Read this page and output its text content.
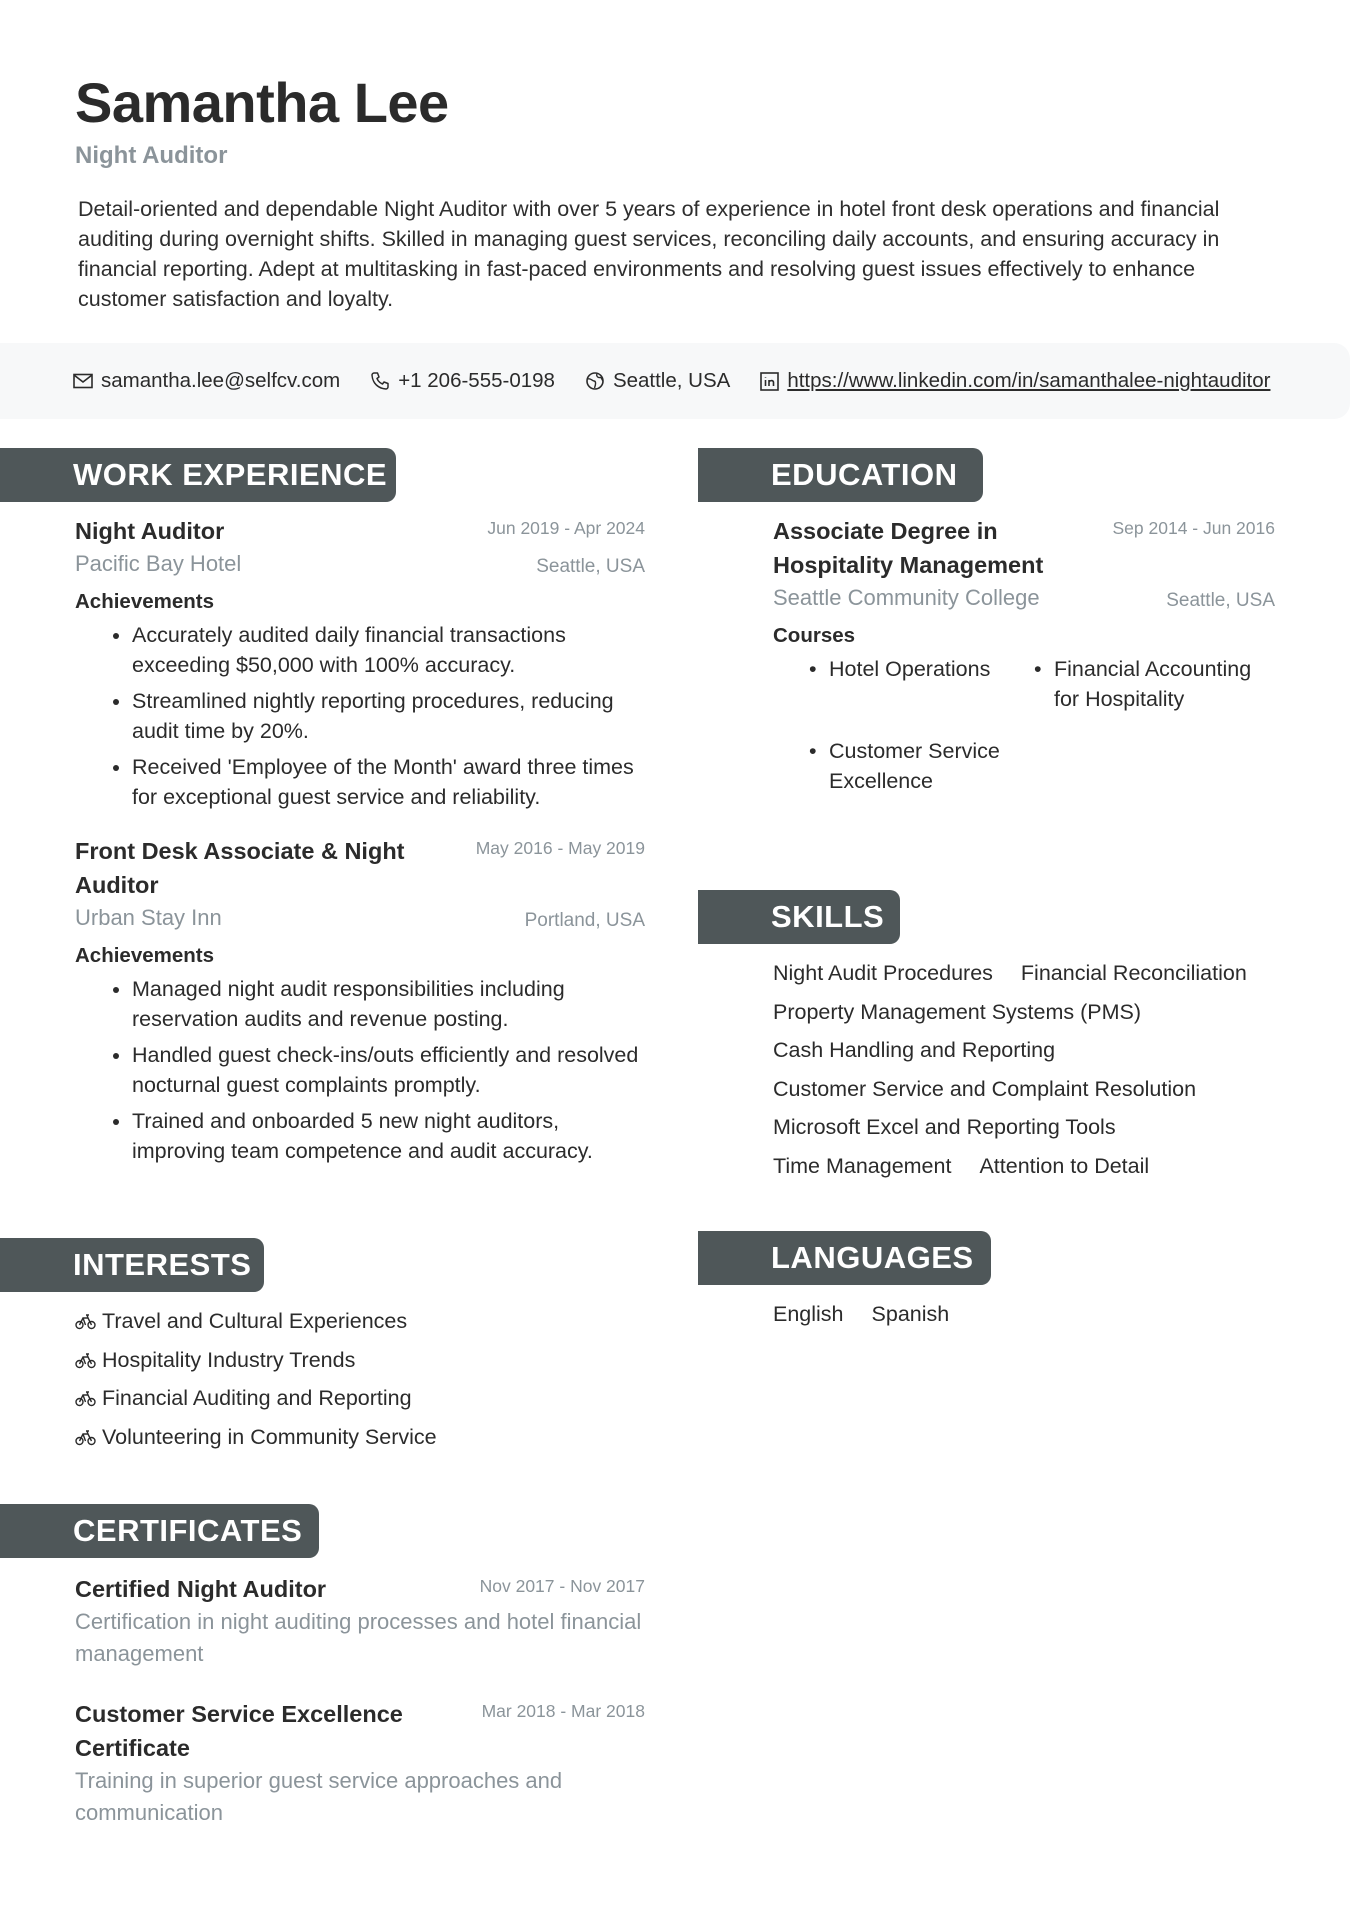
Samantha Lee
Night Auditor
Detail-oriented and dependable Night Auditor with over 5 years of experience in hotel front desk operations and financial auditing during overnight shifts. Skilled in managing guest services, reconciling daily accounts, and ensuring accuracy in financial reporting. Adept at multitasking in fast-paced environments and resolving guest issues effectively to enhance customer satisfaction and loyalty.
samantha.lee@selfcv.com	+1 206-555-0198	Seattle, USA	https://www.linkedin.com/in/samanthalee-nightauditor
WORK EXPERIENCE
Night Auditor	Jun 2019 - Apr 2024
Pacific Bay Hotel	Seattle, USA
Achievements
• Accurately audited daily financial transactions exceeding $50,000 with 100% accuracy.
• Streamlined nightly reporting procedures, reducing audit time by 20%.
• Received 'Employee of the Month' award three times for exceptional guest service and reliability.
Front Desk Associate & Night Auditor
May 2016 - May 2019
Urban Stay Inn	Portland, USA
Achievements
• Managed night audit responsibilities including reservation audits and revenue posting.
• Handled guest check-ins/outs efficiently and resolved nocturnal guest complaints promptly.
• Trained and onboarded 5 new night auditors, improving team competence and audit accuracy.
EDUCATION
Associate Degree in Hospitality Management
Sep 2014 - Jun 2016
Seattle Community College	Seattle, USA
Courses
• Hotel Operations
•	Financial Accounting for Hospitality
• Customer Service Excellence
SKILLS
Night Audit Procedures Financial Reconciliation
Property Management Systems (PMS)
Cash Handling and Reporting
Customer Service and Complaint Resolution
Microsoft Excel and Reporting Tools
Time Management Attention to Detail
INTERESTS
Travel and Cultural Experiences
Hospitality Industry Trends
Financial Auditing and Reporting
Volunteering in Community Service
LANGUAGES
English Spanish
CERTIFICATES
Certified Night Auditor	Nov 2017 - Nov 2017
Certification in night auditing processes and hotel financial management
Customer Service Excellence Certificate
Mar 2018 - Mar 2018
Training in superior guest service approaches and communication
